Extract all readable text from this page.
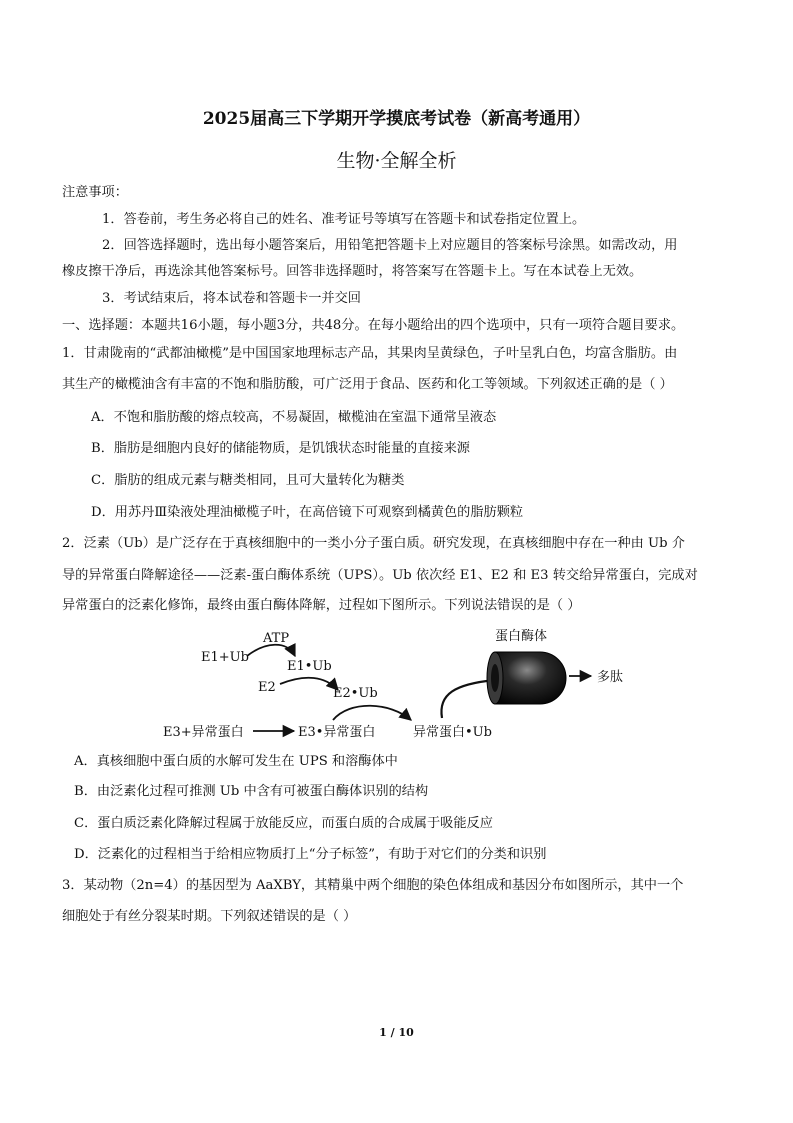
2025届高三下学期开学摸底考试卷（新高考通用）
生物·全解全析
注意事项：
1．答卷前，考生务必将自己的姓名、准考证号等填写在答题卡和试卷指定位置上。
2．回答选择题时，选出每小题答案后，用铅笔把答题卡上对应题目的答案标号涂黑。如需改动，用
橡皮擦干净后，再选涂其他答案标号。回答非选择题时，将答案写在答题卡上。写在本试卷上无效。
3．考试结束后，将本试卷和答题卡一并交回
一、选择题：本题共16小题，每小题3分，共48分。在每小题给出的四个选项中，只有一项符合题目要求。
1．甘肃陇南的“武都油橄榄”是中国国家地理标志产品，其果肉呈黄绿色，子叶呈乳白色，均富含脂肪。由
其生产的橄榄油含有丰富的不饱和脂肪酸，可广泛用于食品、医药和化工等领域。下列叙述正确的是（ ）
A．不饱和脂肪酸的熔点较高，不易凝固，橄榄油在室温下通常呈液态
B．脂肪是细胞内良好的储能物质，是饥饿状态时能量的直接来源
C．脂肪的组成元素与糖类相同，且可大量转化为糖类
D．用苏丹Ⅲ染液处理油橄榄子叶，在高倍镜下可观察到橘黄色的脂肪颗粒
2．泛素（Ub）是广泛存在于真核细胞中的一类小分子蛋白质。研究发现，在真核细胞中存在一种由 Ub 介
导的异常蛋白降解途径——泛素-蛋白酶体系统（UPS）。Ub 依次经 E1、E2 和 E3 转交给异常蛋白，完成对
异常蛋白的泛素化修饰，最终由蛋白酶体降解，过程如下图所示。下列说法错误的是（ ）
ATP
E1+Ub
E1•Ub
E2	E2•Ub
E3+异常蛋白	E3•异常蛋白	异常蛋白•Ub
蛋白酶体
多肽
A．真核细胞中蛋白质的水解可发生在 UPS 和溶酶体中
B．由泛素化过程可推测 Ub 中含有可被蛋白酶体识别的结构
C．蛋白质泛素化降解过程属于放能反应，而蛋白质的合成属于吸能反应
D．泛素化的过程相当于给相应物质打上“分子标签”，有助于对它们的分类和识别
3．某动物（2n=4）的基因型为 AaXBY，其精巢中两个细胞的染色体组成和基因分布如图所示，其中一个
细胞处于有丝分裂某时期。下列叙述错误的是（ ）
1 / 10
